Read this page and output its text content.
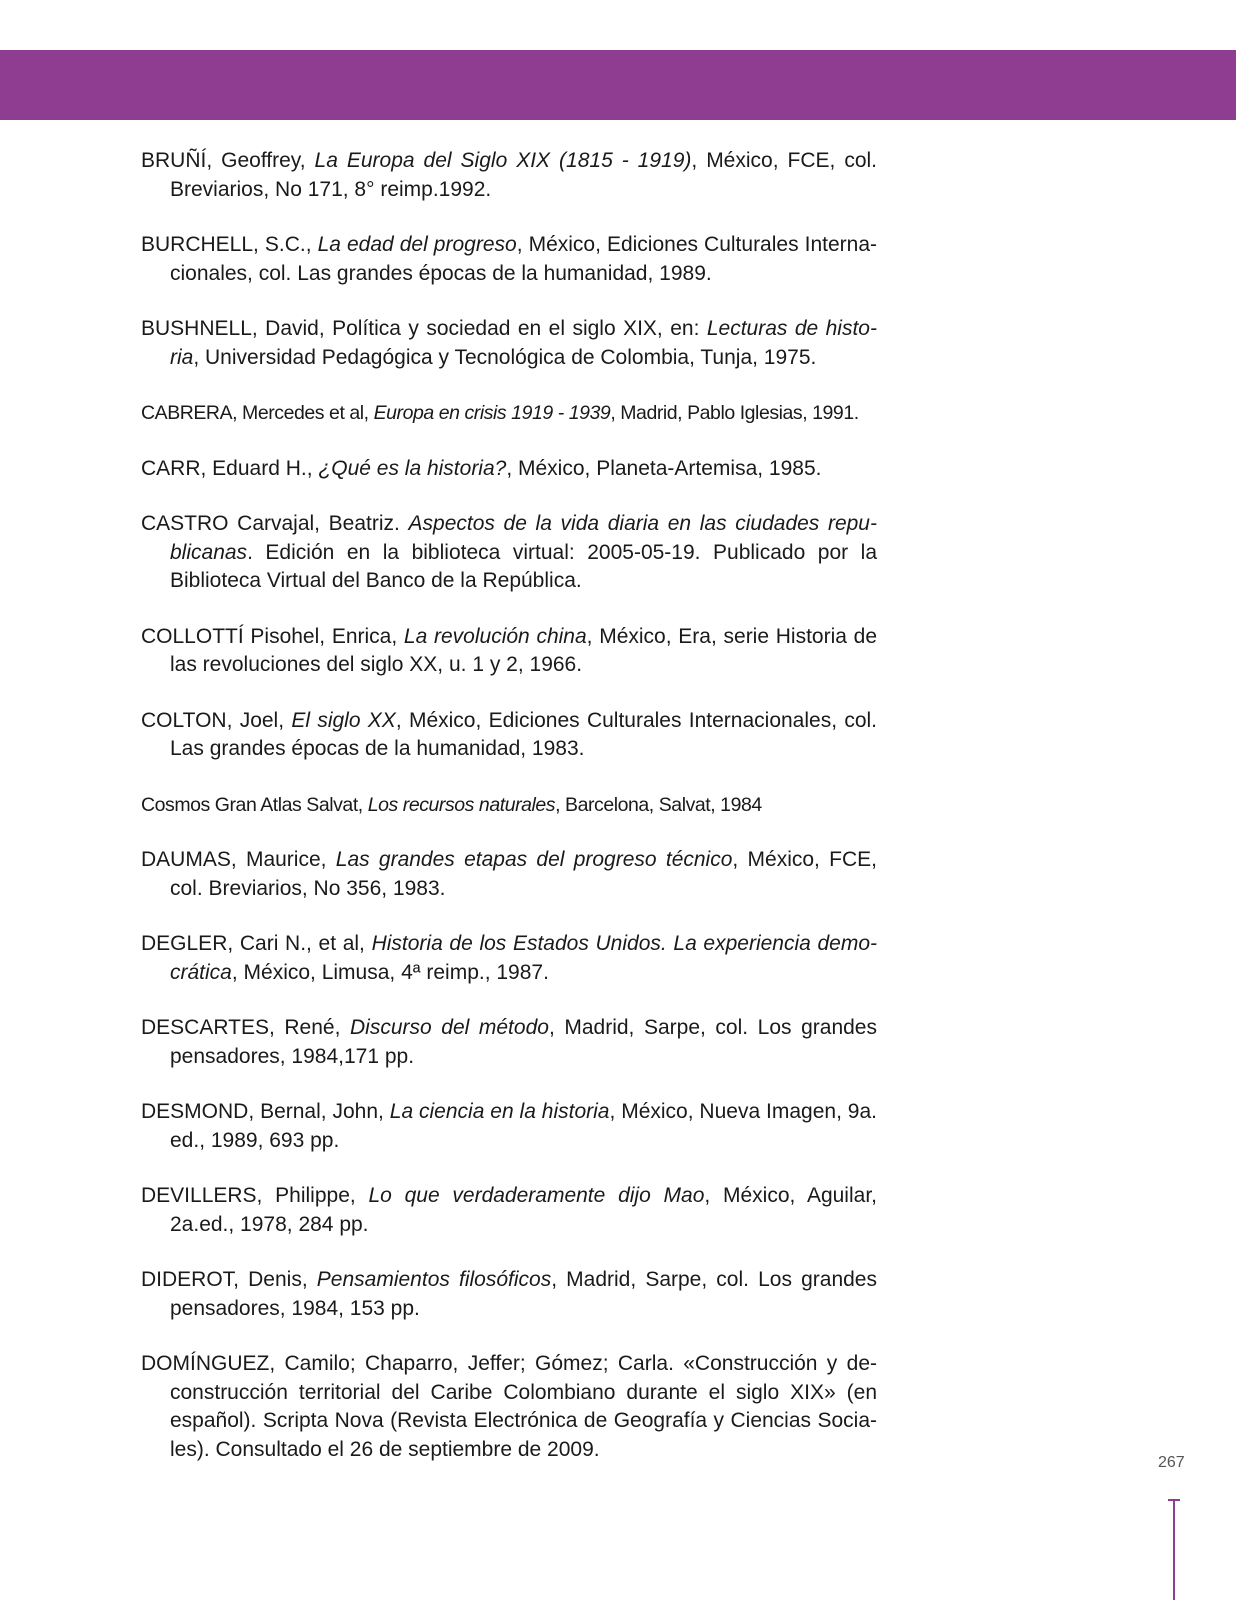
BRUÑÍ, Geoffrey, La Europa del Siglo XIX (1815 - 1919), México, FCE, col. Breviarios, No 171, 8° reimp.1992.
BURCHELL, S.C., La edad del progreso, México, Ediciones Culturales Interna-cionales, col. Las grandes épocas de la humanidad, 1989.
BUSHNELL, David, Política y sociedad en el siglo XIX, en: Lecturas de histo-ria, Universidad Pedagógica y Tecnológica de Colombia, Tunja, 1975.
CABRERA, Mercedes et al, Europa en crisis 1919 - 1939, Madrid, Pablo Iglesias, 1991.
CARR, Eduard H., ¿Qué es la historia?, México, Planeta-Artemisa, 1985.
CASTRO Carvajal, Beatriz. Aspectos de la vida diaria en las ciudades repu-blicanas. Edición en la biblioteca virtual: 2005-05-19. Publicado por la Biblioteca Virtual del Banco de la República.
COLLOTTÍ Pisohel, Enrica, La revolución china, México, Era, serie Historia de las revoluciones del siglo XX, u. 1 y 2, 1966.
COLTON, Joel, El siglo XX, México, Ediciones Culturales Internacionales, col. Las grandes épocas de la humanidad, 1983.
Cosmos Gran Atlas Salvat, Los recursos naturales, Barcelona, Salvat, 1984
DAUMAS, Maurice, Las grandes etapas del progreso técnico, México, FCE, col. Breviarios, No 356, 1983.
DEGLER, Cari N., et al, Historia de los Estados Unidos. La experiencia demo-crática, México, Limusa, 4ª reimp., 1987.
DESCARTES, René, Discurso del método, Madrid, Sarpe, col. Los grandes pensadores, 1984,171 pp.
DESMOND, Bernal, John, La ciencia en la historia, México, Nueva Imagen, 9a. ed., 1989, 693 pp.
DEVILLERS, Philippe, Lo que verdaderamente dijo Mao, México, Aguilar, 2a.ed., 1978, 284 pp.
DIDEROT, Denis, Pensamientos filosóficos, Madrid, Sarpe, col. Los grandes pensadores, 1984, 153 pp.
DOMÍNGUEZ, Camilo; Chaparro, Jeffer; Gómez; Carla. «Construcción y de-construcción territorial del Caribe Colombiano durante el siglo XIX» (en español). Scripta Nova (Revista Electrónica de Geografía y Ciencias Socia-les). Consultado el 26 de septiembre de 2009.
267
